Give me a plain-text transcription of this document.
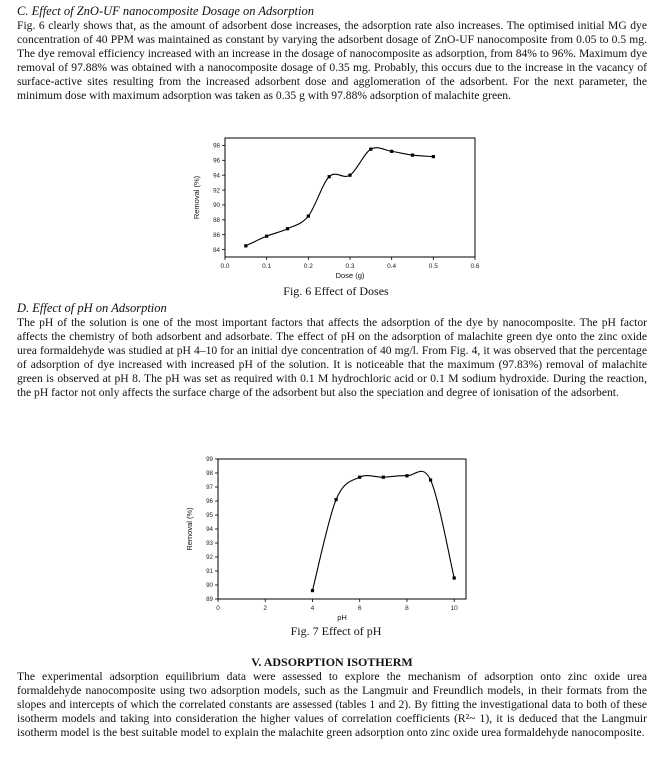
C. Effect of ZnO-UF nanocomposite Dosage on Adsorption

Fig. 6 clearly shows that, as the amount of adsorbent dose increases, the adsorption rate also increases. The optimised initial MG dye concentration of 40 PPM was maintained as constant by varying the adsorbent dosage of ZnO-UF nanocomposite from 0.05 to 0.5 mg. The dye removal efficiency increased with an increase in the dosage of nanocomposite as adsorption, from 84% to 96%. Maximum dye removal of 97.88% was obtained with a nanocomposite dosage of 0.35 mg. Probably, this occurs due to the increase in the vacancy of surface-active sites resulting from the increased adsorbent dose and agglomeration of the adsorbent. For the next parameter, the minimum dose with maximum adsorption was taken as 0.35 g with 97.88% adsorption of malachite green.

D. Effect of pH on Adsorption

The pH of the solution is one of the most important factors that affects the adsorption of the dye by nanocomposite. The pH factor affects the chemistry of both adsorbent and adsorbate. The effect of pH on the adsorption of malachite green dye onto the zinc oxide urea formaldehyde was studied at pH 4–10 for an initial dye concentration of 40 mg/l. From Fig. 4, it was observed that the percentage of adsorption of dye increased with increased pH of the solution. It is noticeable that the maximum (97.83%) removal of malachite green is observed at pH 8. The pH was set as required with 0.1 M hydrochloric acid or 0.1 M sodium hydroxide. During the reaction, the pH factor not only affects the surface charge of the adsorbent but also the speciation and degree of ionisation of the adsorbent.

V. ADSORPTION ISOTHERM

The experimental adsorption equilibrium data were assessed to explore the mechanism of adsorption onto zinc oxide urea formaldehyde nanocomposite using two adsorption models, such as the Langmuir and Freundlich models, in their formats from the slopes and intercepts of which the correlated constants are assessed (tables 1 and 2). By fitting the investigational data to both of these isotherm models and taking into consideration the higher values of correlation coefficients (R²~ 1), it is deduced that the Langmuir isotherm model is the best suitable model to explain the malachite green adsorption onto zinc oxide urea formaldehyde nanocomposite.

0.0	0.1	0.2	0.3	0.4	0.5	0.6
84
86
88
90
92
94
96
98
Dose (g)
Removal (%)
Fig. 6 Effect of Doses
0	2	4	6	8	10
89
90
91
92
93
94
95
96
97
98
99
pH
Removal (%)
Fig. 7 Effect of pH
